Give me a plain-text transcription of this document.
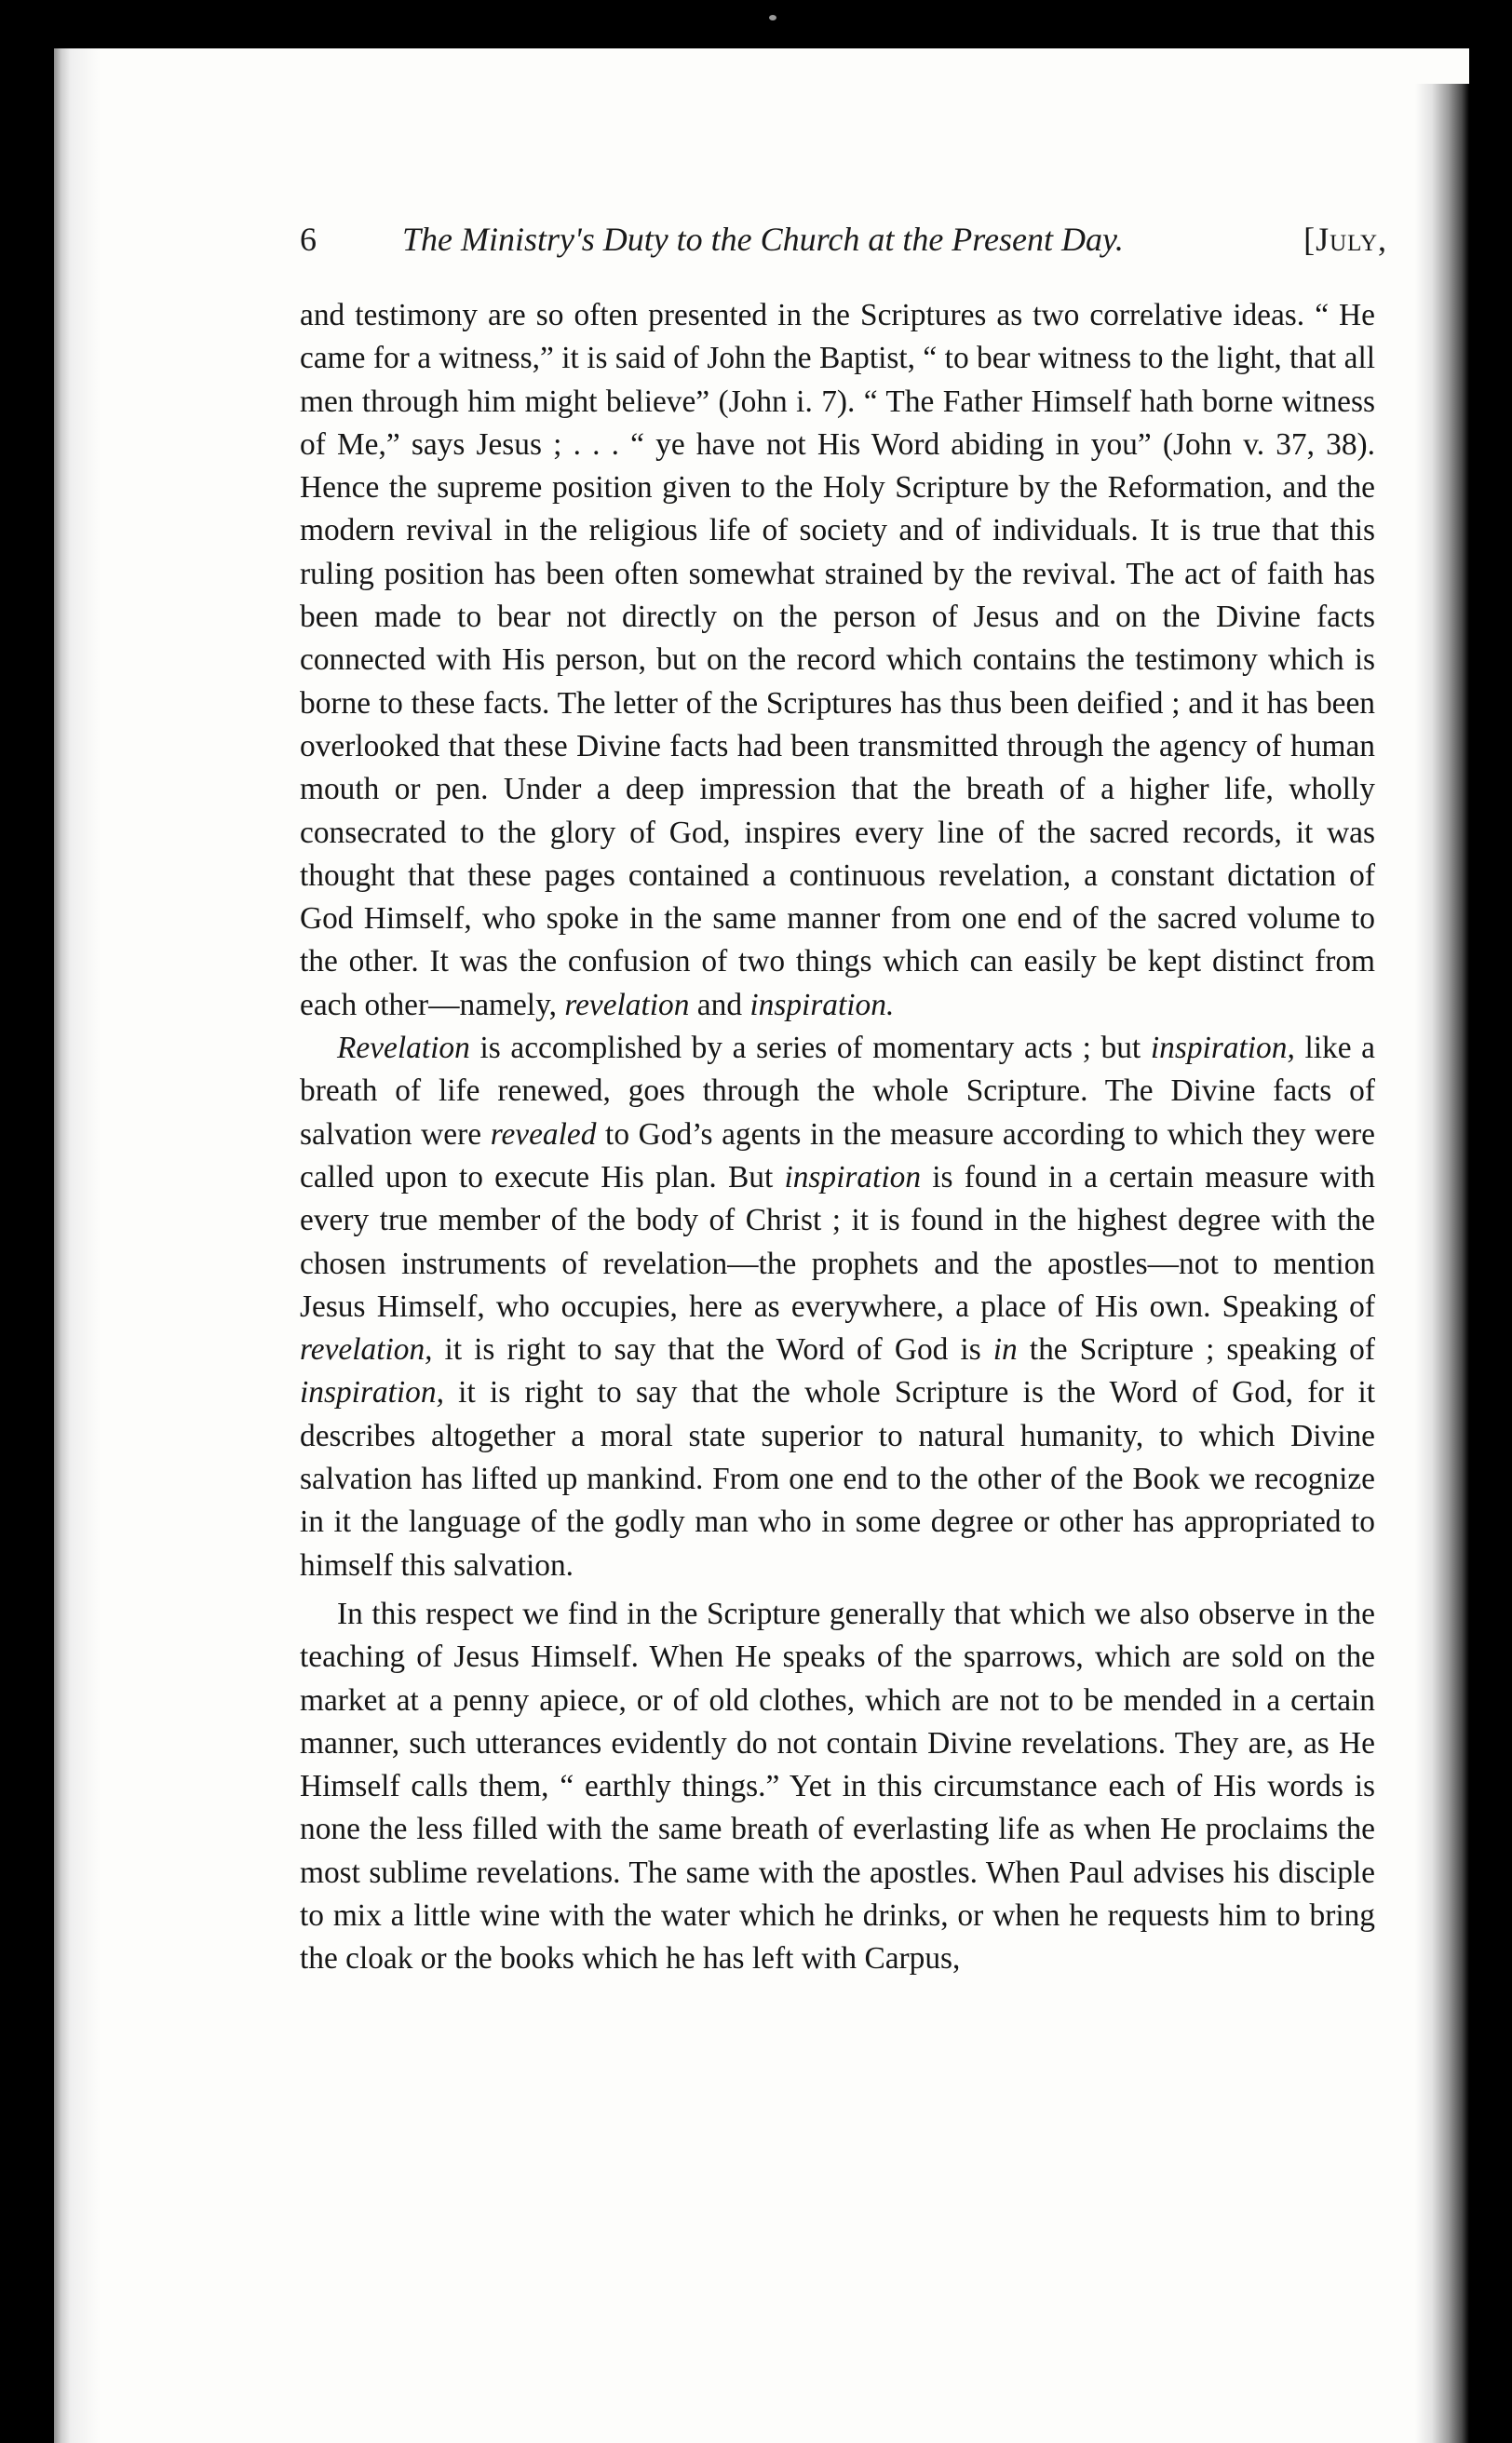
6	The Ministry's Duty to the Church at the Present Day.	[July,

and testimony are so often presented in the Scriptures as two correlative ideas. “ He came for a witness,” it is said of John the Baptist, “ to bear witness to the light, that all men through him might believe” (John i. 7). “ The Father Himself hath borne witness of Me,” says Jesus ; . . . “ ye have not His Word abiding in you” (John v. 37, 38). Hence the supreme position given to the Holy Scripture by the Reformation, and the modern revival in the religious life of society and of individuals. It is true that this ruling position has been often somewhat strained by the revival. The act of faith has been made to bear not directly on the person of Jesus and on the Divine facts connected with His person, but on the record which contains the testimony which is borne to these facts. The letter of the Scriptures has thus been deified ; and it has been overlooked that these Divine facts had been transmitted through the agency of human mouth or pen. Under a deep impression that the breath of a higher life, wholly consecrated to the glory of God, inspires every line of the sacred records, it was thought that these pages contained a continuous revelation, a constant dictation of God Himself, who spoke in the same manner from one end of the sacred volume to the other. It was the confusion of two things which can easily be kept distinct from each other—namely, revelation and inspiration.

Revelation is accomplished by a series of momentary acts ; but inspiration, like a breath of life renewed, goes through the whole Scripture. The Divine facts of salvation were revealed to God’s agents in the measure according to which they were called upon to execute His plan. But inspiration is found in a certain measure with every true member of the body of Christ ; it is found in the highest degree with the chosen instruments of revelation—the prophets and the apostles—not to mention Jesus Himself, who occupies, here as everywhere, a place of His own. Speaking of revelation, it is right to say that the Word of God is in the Scripture ; speaking of inspiration, it is right to say that the whole Scripture is the Word of God, for it describes altogether a moral state superior to natural humanity, to which Divine salvation has lifted up mankind. From one end to the other of the Book we recognize in it the language of the godly man who in some degree or other has appropriated to himself this salvation.

In this respect we find in the Scripture generally that which we also observe in the teaching of Jesus Himself. When He speaks of the sparrows, which are sold on the market at a penny apiece, or of old clothes, which are not to be mended in a certain manner, such utterances evidently do not contain Divine revelations. They are, as He Himself calls them, “ earthly things.” Yet in this circumstance each of His words is none the less filled with the same breath of everlasting life as when He proclaims the most sublime revelations. The same with the apostles. When Paul advises his disciple to mix a little wine with the water which he drinks, or when he requests him to bring the cloak or the books which he has left with Carpus,
